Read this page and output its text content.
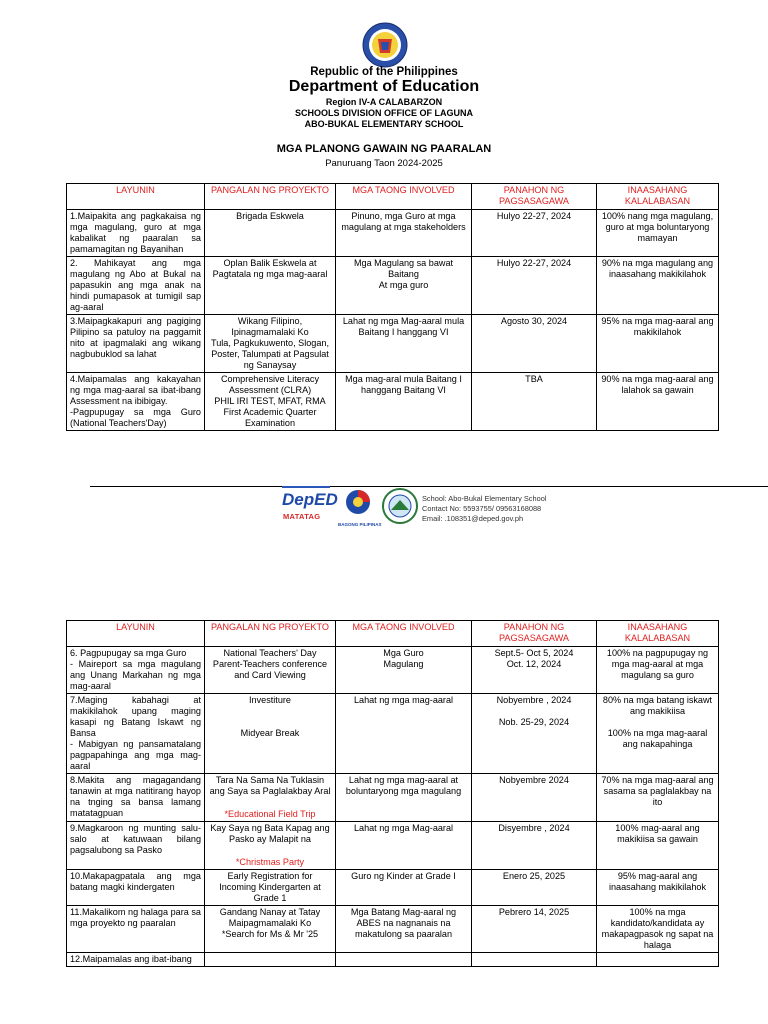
Republic of the Philippines
Department of Education
Region IV-A CALABARZON
SCHOOLS DIVISION OFFICE OF LAGUNA
ABO-BUKAL ELEMENTARY SCHOOL
MGA PLANONG GAWAIN NG PAARALAN
Panuruang Taon 2024-2025
LAYUNIN	PANGALAN NG PROYEKTO	MGA TAONG INVOLVED	PANAHON NG PAGSASAGAWA	INAASAHANG KALALABASAN

1.Maipakita ang pagkakaisa ng mga magulang, guro at mga kabalikat ng paaralan sa pamamagitan ng Bayanihan	Brigada Eskwela	Pinuno, mga Guro at mga magulang at mga stakeholders	Hulyo 22-27, 2024	100% nang mga magulang, guro at mga boluntaryong mamayan

2. Mahikayat ang mga magulang ng Abo at Bukal na papasukin ang mga anak na hindi pumapasok at tumigil sap ag-aaral	Oplan Balik Eskwela at Pagtatala ng mga mag-aaral	Mga Magulang sa bawat Baitang
At mga guro	Hulyo 22-27, 2024	90% na mga magulang ang inaasahang makikilahok

3.Maipagkakapuri ang pagiging Pilipino sa patuloy na paggamit nito at ipagmalaki ang wikang nagbubuklod sa lahat	Wikang Filipino, Ipinagmamalaki Ko
Tula, Pagkukuwento, Slogan, Poster, Talumpati at Pagsulat ng Sanaysay	Lahat ng mga Mag-aaral mula Baitang I hanggang VI	Agosto 30, 2024	95% na mga mag-aaral ang makikilahok

4.Maipamalas ang kakayahan ng mga mag-aaral sa ibat-ibang Assessment na ibibigay.
-Pagpupugay sa mga Guro (National Teachers'Day)	Comprehensive Literacy Assessment (CLRA)
PHIL IRI TEST, MFAT, RMA
First Academic Quarter Examination	Mga mag-aral mula Baitang I hanggang Baitang VI	TBA	90% na mga mag-aaral ang lalahok sa gawain
DepED
MATATAG
BAGONG PILIPINAS
School: Abo-Bukal Elementary School
Contact No: 5593755/ 09563168088
Email: .108351@deped.gov.ph
LAYUNIN	PANGALAN NG PROYEKTO	MGA TAONG INVOLVED	PANAHON NG PAGSASAGAWA	INAASAHANG KALALABASAN

6. Pagpupugay sa mga Guro
- Maireport sa mga magulang ang Unang Markahan ng mga mag-aaral	National Teachers' Day
Parent-Teachers conference and Card Viewing	Mga Guro
Magulang	Sept.5- Oct 5, 2024
Oct. 12, 2024	100% na pagpupugay ng mga mag-aaral at mga magulang sa guro

7.Maging kabahagi at makikilahok upang maging kasapi ng Batang Iskawt ng Bansa
- Mabigyan ng pansamatalang pagpapahinga ang mga mag-aaral	Investiture

Midyear Break	Lahat ng mga mag-aaral	Nobyembre , 2024

Nob. 25-29, 2024	80% na mga batang iskawt ang makikiisa

100% na mga mag-aaral ang nakapahinga

8.Makita ang magagandang tanawin at mga natitirang hayop na tnging sa bansa lamang matatagpuan	Tara Na Sama Na Tuklasin ang Saya sa Paglalakbay Aral
*Educational Field Trip	Lahat ng mga mag-aaral at boluntaryong mga magulang	Nobyembre 2024	70% na mga mag-aaral ang sasama sa paglalakbay na ito

9.Magkaroon ng munting salu-salo at katuwaan bilang pagsalubong sa Pasko	Kay Saya ng Bata Kapag ang Pasko ay Malapit na
*Christmas Party	Lahat ng mga Mag-aaral	Disyembre , 2024	100% mag-aaral ang makikiisa sa gawain

10.Makapagpatala ang mga batang magki kindergaten	Early Registration for Incoming Kindergarten at Grade 1	Guro ng Kinder at Grade I	Enero 25, 2025	95% mag-aaral ang inaasahang makikilahok

11.Makalikom ng halaga para sa mga proyekto ng paaralan	Gandang Nanay at Tatay Maipagmamalaki Ko
*Search for Ms & Mr '25	Mga Batang Mag-aaral ng ABES na nagnanais na makatulong sa paaralan	Pebrero 14, 2025	100% na mga kandidato/kandidata ay makapagpasok ng sapat na halaga

12.Maipamalas ang ibat-ibang				
